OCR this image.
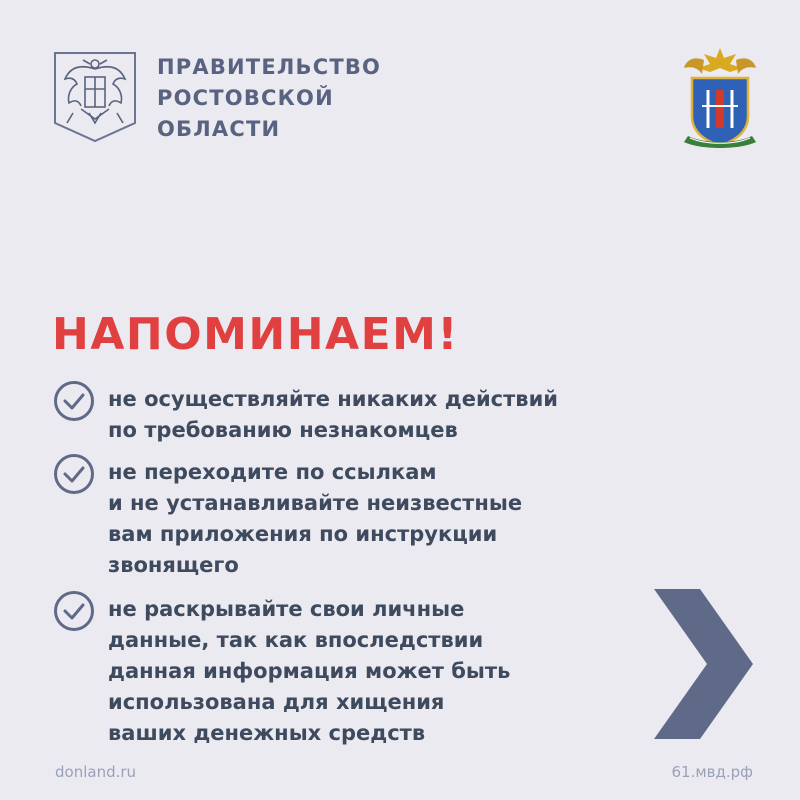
ПРАВИТЕЛЬСТВО
РОСТОВСКОЙ
ОБЛАСТИ
НАПОМИНАЕМ!
не осуществляйте никаких действий
по требованию незнакомцев
не переходите по ссылкам
и не устанавливайте неизвестные
вам приложения по инструкции
звонящего
не раскрывайте свои личные
данные, так как впоследствии
данная информация может быть
использована для хищения
ваших денежных средств
donland.ru	61.мвд.рф
